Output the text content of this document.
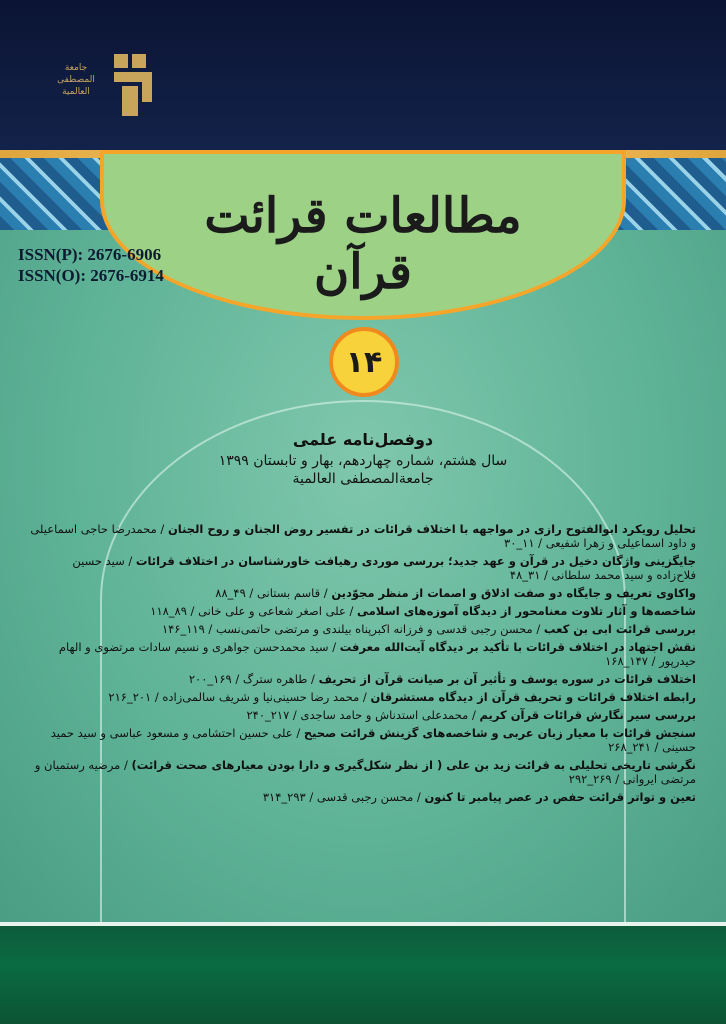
جامعة المصطفى العالمية
مطالعات قرائت قرآن
ISSN(P): 2676-6906
ISSN(O): 2676-6914
۱۴
دوفصل‌نامه علمی
سال هشتم، شماره چهاردهم، بهار و تابستان ۱۳۹۹
جامعةالمصطفی العالمیة
تحلیل رویکرد ابوالفتوح رازی در مواجهه با اختلاف قرائات در تفسیر روض الجنان و روح الجنان / محمدرضا حاجی اسماعیلی و داود اسماعیلی و زهرا شفیعی / ۱۱_۳۰
جایگزینی واژگان دخیل در قرآن و عهد جدید؛ بررسی موردی رهیافت خاورشناسان در اختلاف قرائات / سید حسین فلاح‌زاده و سید محمد سلطانی / ۳۱_۴۸
واکاوی تعریف و جایگاه دو صفت اذلاق و اصمات از منظر مجوّدین / قاسم بستانی / ۴۹_۸۸
شاخصه‌ها و آثار تلاوت معنامحور از دیدگاه آموزه‌های اسلامی / علی اصغر شعاعی و علی خانی / ۸۹_۱۱۸
بررسی قرائت ابی بن کعب / محسن رجبی قدسی و فرزانه اکبرپناه بیلندی و مرتضی حاتمی‌نسب / ۱۱۹_۱۴۶
نقش اجتهاد در اختلاف قرائات با تأکید بر دیدگاه آیت‌الله معرفت / سید محمدحسن جواهری و نسیم سادات مرتضوی و الهام حیدرپور / ۱۴۷_۱۶۸
اختلاف قرائات در سوره یوسف و تأثیر آن بر صیانت قرآن از تحریف / طاهره سترگ / ۱۶۹_۲۰۰
رابطه اختلاف قرائات و تحریف قرآن از دیدگاه مستشرقان / محمد رضا حسینی‌نیا و شریف سالمی‌زاده / ۲۰۱_۲۱۶
بررسی سیر نگارش قرائات قرآن کریم / محمدعلی استدناش و حامد ساجدی / ۲۱۷_۲۴۰
سنجش قرائات با معیار زبان عربی و شاخصه‌های گزینش قرائت صحیح / علی حسین احتشامی و مسعود عباسی و سید حمید حسینی / ۲۴۱_۲۶۸
نگرشی تاریخی تحلیلی به قرائت زید بن علی ( از نظر شکل‌گیری و دارا بودن معیارهای صحت قرائت) / مرضیه رستمیان و مرتضی ایروانی / ۲۶۹_۲۹۲
تعین و تواتر قرائت حفص در عصر پیامبر تا کنون / محسن رجبی قدسی / ۲۹۳_۳۱۴
